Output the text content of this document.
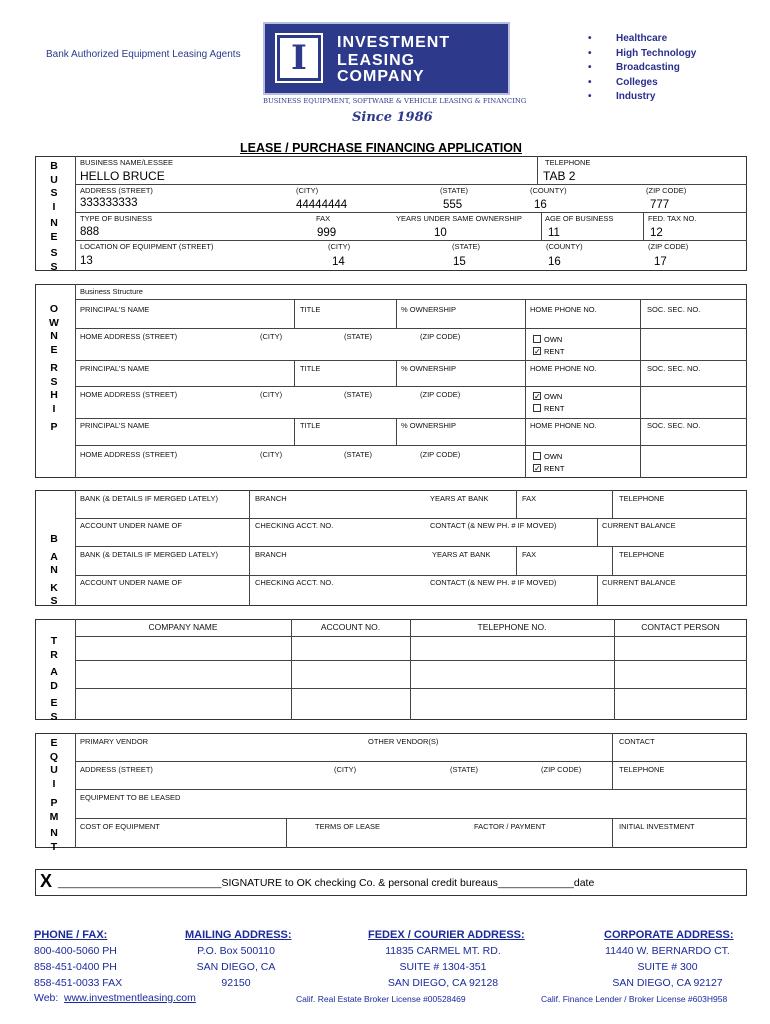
Bank Authorized Equipment Leasing Agents	I	INVESTMENT
LEASING
COMPANY
BUSINESS EQUIPMENT, SOFTWARE & VEHICLE LEASING & FINANCING
Since 1986
• Healthcare
• High Technology
• Broadcasting
• Colleges
• Industry
LEASE / PURCHASE FINANCING APPLICATION
B
U
S
I
N
E
S
S
BUSINESS NAME/LESSEE
HELLO BRUCE
TELEPHONE
TAB 2
ADDRESS (STREET)
333333333
(CITY)
44444444
(STATE)
555
(COUNTY)
16
(ZIP CODE)
777
TYPE OF BUSINESS
888
FAX
999
YEARS UNDER SAME OWNERSHIP
10
AGE OF BUSINESS
11
FED. TAX NO.
12
LOCATION OF EQUIPMENT (STREET)
13
(CITY)
14
(STATE)
15
(COUNTY)
16
(ZIP CODE)
17
Business Structure
O
W
N
E
R
S
H
I
P
PRINCIPAL'S NAME	TITLE	% OWNERSHIP	HOME PHONE NO.	SOC. SEC. NO.
HOME ADDRESS (STREET)	(CITY)	(STATE)	(ZIP CODE)	OWN
✓ RENT
PRINCIPAL'S NAME	TITLE	% OWNERSHIP	HOME PHONE NO.	SOC. SEC. NO.
HOME ADDRESS (STREET)	(CITY)	(STATE)	(ZIP CODE)	✓ OWN
RENT
PRINCIPAL'S NAME	TITLE	% OWNERSHIP	HOME PHONE NO.	SOC. SEC. NO.
HOME ADDRESS (STREET)	(CITY)	(STATE)	(ZIP CODE)	OWN
✓ RENT
B
A
N
K
S
BANK (& DETAILS IF MERGED LATELY)	BRANCH	YEARS AT BANK	FAX	TELEPHONE
ACCOUNT UNDER NAME OF	CHECKING ACCT. NO.	CONTACT (& NEW PH. # IF MOVED)	CURRENT BALANCE
BANK (& DETAILS IF MERGED LATELY)	BRANCH	YEARS AT BANK	FAX	TELEPHONE
ACCOUNT UNDER NAME OF	CHECKING ACCT. NO.	CONTACT (& NEW PH. # IF MOVED)	CURRENT BALANCE
T
R
A
D
E
S
COMPANY NAME	ACCOUNT NO.	TELEPHONE NO.	CONTACT PERSON
E
Q
U
I
P
M
N
T
PRIMARY VENDOR	OTHER VENDOR(S)	CONTACT
ADDRESS (STREET)	(CITY)	(STATE)	(ZIP CODE)	TELEPHONE
EQUIPMENT TO BE LEASED
COST OF EQUIPMENT	TERMS OF LEASE	FACTOR / PAYMENT	INITIAL INVESTMENT
X ____________________________SIGNATURE to OK checking Co. & personal credit bureaus_____________date
PHONE / FAX:
800-400-5060 PH
858-451-0400 PH
858-451-0033 FAX
MAILING ADDRESS:
P.O. Box 500110
SAN DIEGO, CA
92150
FEDEX / COURIER ADDRESS:
11835 CARMEL MT. RD.
SUITE # 1304-351
SAN DIEGO, CA 92128
CORPORATE ADDRESS:
11440 W. BERNARDO CT.
SUITE # 300
SAN DIEGO, CA 92127
Web: www.investmentleasing.com	Calif. Real Estate Broker License #00528469	Calif. Finance Lender / Broker License #603H958
